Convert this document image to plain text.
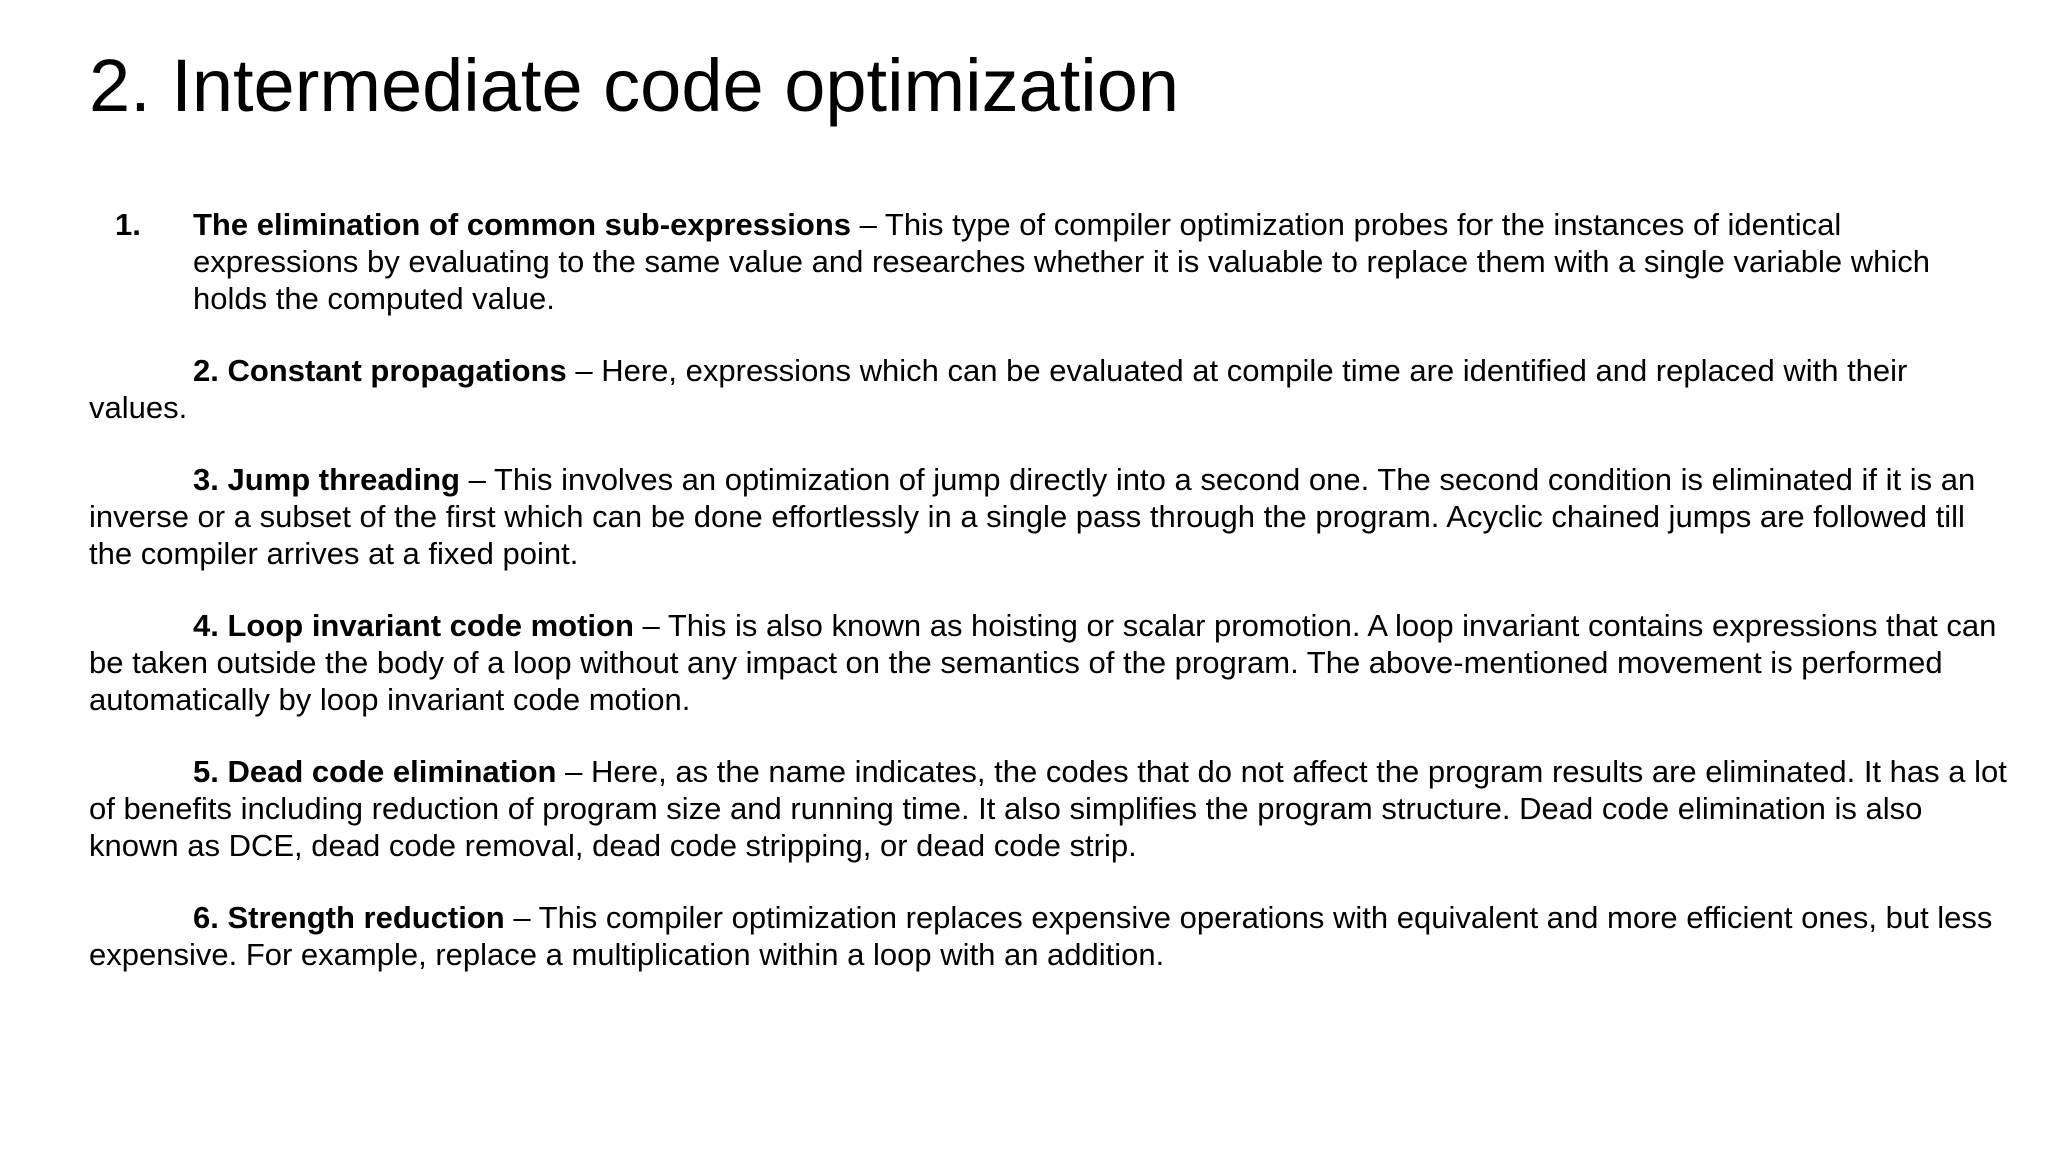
2. Intermediate code optimization
1.	The elimination of common sub-expressions – This type of compiler optimization probes for the instances of identical expressions by evaluating to the same value and researches whether it is valuable to replace them with a single variable which holds the computed value.
2. Constant propagations – Here, expressions which can be evaluated at compile time are identified and replaced with their values.
3. Jump threading – This involves an optimization of jump directly into a second one. The second condition is eliminated if it is an inverse or a subset of the first which can be done effortlessly in a single pass through the program. Acyclic chained jumps are followed till the compiler arrives at a fixed point.
4. Loop invariant code motion – This is also known as hoisting or scalar promotion. A loop invariant contains expressions that can be taken outside the body of a loop without any impact on the semantics of the program. The above-mentioned movement is performed automatically by loop invariant code motion.
5. Dead code elimination – Here, as the name indicates, the codes that do not affect the program results are eliminated. It has a lot of benefits including reduction of program size and running time. It also simplifies the program structure. Dead code elimination is also known as DCE, dead code removal, dead code stripping, or dead code strip.
6. Strength reduction – This compiler optimization replaces expensive operations with equivalent and more efficient ones, but less expensive. For example, replace a multiplication within a loop with an addition.
